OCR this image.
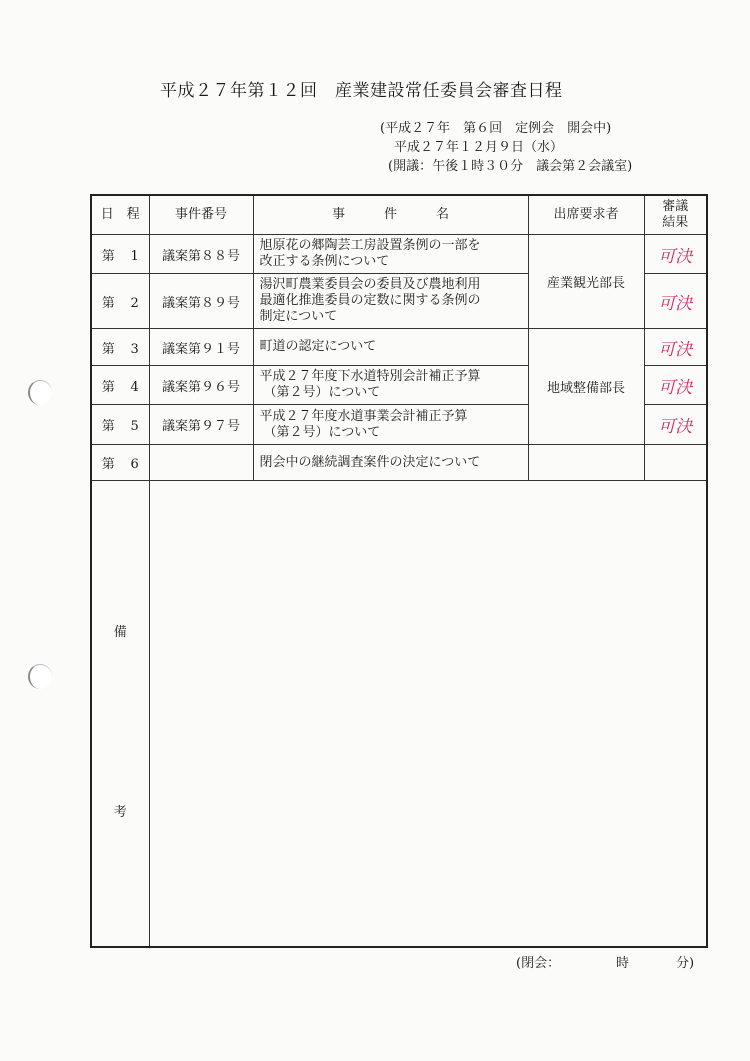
平成２７年第１２回　産業建設常任委員会審査日程
(平成２７年　第６回　定例会　開会中)
平成２７年１２月９日（水）
(開議：午後１時３０分　議会第２会議室)
日　程	事件番号	事　　　件　　　名	出席要求者	審議
結果

第 1	議案第８８号	旭原花の郷陶芸工房設置条例の一部を
改正する条例について	産業観光部長	可決
第 2	議案第８９号	湯沢町農業委員会の委員及び農地利用
最適化推進委員の定数に関する条例の
制定について		可決
第 3	議案第９１号	町道の認定について	地域整備部長	可決
第 4	議案第９６号	平成２７年度下水道特別会計補正予算
（第２号）について		可決
第 5	議案第９７号	平成２７年度水道事業会計補正予算
（第２号）について		可決
第 6		閉会中の継続調査案件の決定について		

備
考				

(閉会：	時	分)
